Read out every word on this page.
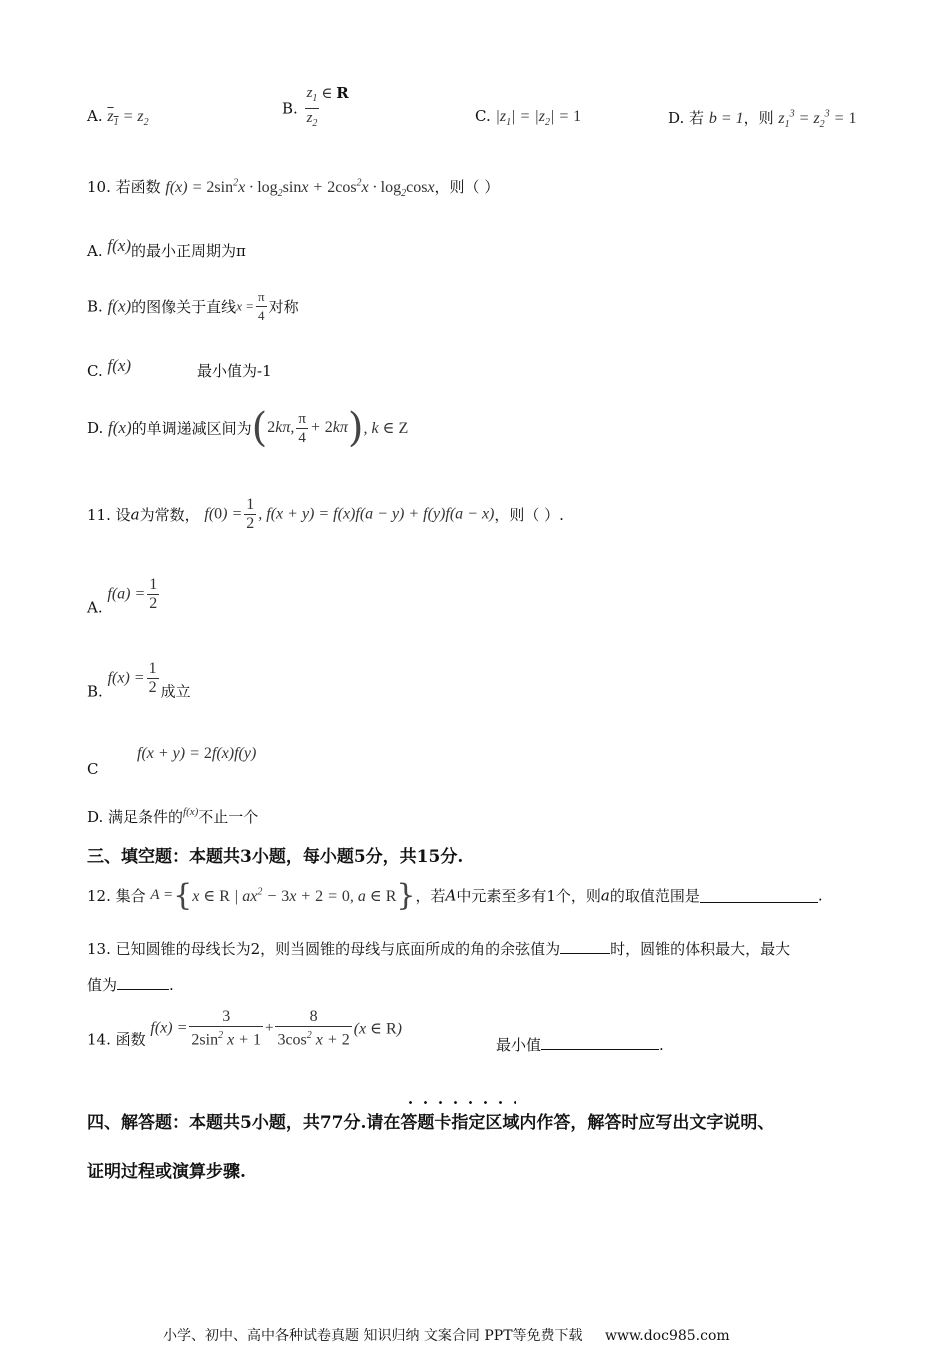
A. $z_1 = z_2$
B. $\frac{z_1}{z_2}$ ∈ R
C. $|z_1| = |z_2| = 1$	D. 若 b = 1，则 $z_1^3 = z_2^3 = 1$
10. 若函数 $f(x) = 2\sin^2x \cdot \log_2\sin x + 2\cos^2x \cdot \log_2\cos x$，则（ ）
A. f(x)的最小正周期为π
B. f(x)的图像关于直线$x = \frac{\pi}{4}$ 对称
C. f(x)	最小值为-1
D. f(x)的单调递减区间为(2kπ, $\frac{\pi}{4} + 2k\pi$), k ∈ Z
11. 设a为常数， $f(0) = \frac{1}{2}$ , f(x + y) = f(x)f(a − y) + f(y)f(a − x)，则（ ）.
A. $f(a) = \frac{1}{2}$
B. $f(x) = \frac{1}{2}$ 成立
f(x + y) = 2f(x)f(y)
C
D. 满足条件的$^{f(x)}$不止一个
三、填空题：本题共3小题，每小题5分，共15分.
12. 集合 A ={x ∈ R | $ax^2 - 3x + 2 = 0$, a ∈ R}，若A中元素至多有1个，则a的取值范围是	.
13. 已知圆锥的母线长为2，则当圆锥的母线与底面所成的角的余弦值为	时，圆锥的体积最大，最大
值为	.
14. 函数 $f(x) = \frac{3}{2\sin^2 x + 1} + \frac{8}{3\cos^2 x + 2} (x$ ∈ R)
最小值	.
四、解答题：本题共5小题，共77分.请在答题卡指定区域内作答，解答时应写出文字说明、
证明过程或演算步骤.
小学、初中、高中各种试卷真题 知识归纳 文案合同 PPT等免费下载 www.doc985.com
